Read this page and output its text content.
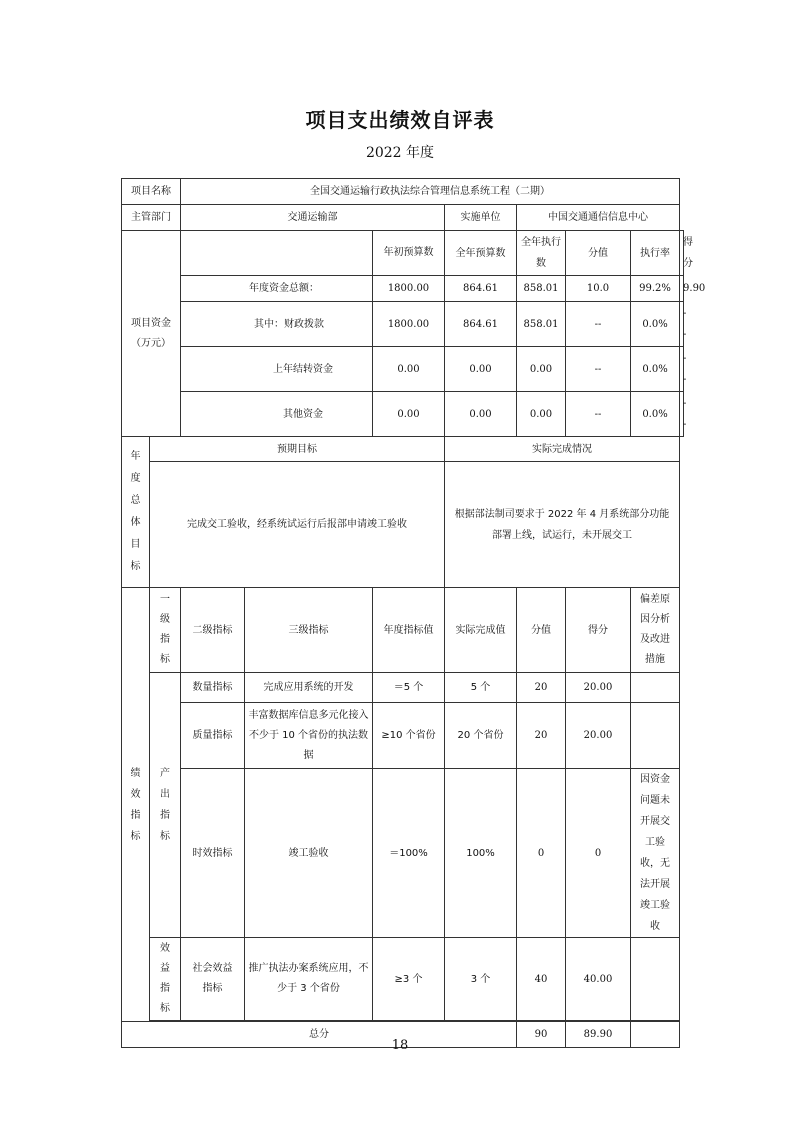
项目支出绩效自评表
2022 年度
项目名称		全国交通运输行政执法综合管理信息系统工程（二期）							
主管部门		交通运输部			实施单位	中国交通通信信息中心			
项目资金（万元）				年初预算数	全年预算数	全年执行数	分值	执行率	得分
		年度资金总额：		1800.00	864.61	858.01	10.0	99.2%	9.90
		其中：财政拨款		1800.00	864.61	858.01	--	0.0%	--
		上年结转资金		0.00	0.00	0.00	--	0.0%	--
		其他资金		0.00	0.00	0.00	--	0.0%	--
年度总体目标	预期目标				实际完成情况				
	完成交工验收，经系统试运行后报部申请竣工验收				根据部法制司要求于 2022 年 4 月系统部分功能部署上线，试运行，未开展交工				
绩效指标	一级指标	二级指标	三级指标	年度指标值	实际完成值	分值	得分	偏差原因分析及改进措施	
	产出指标	数量指标	完成应用系统的开发	＝5 个	5 个	20	20.00		
		质量指标	丰富数据库信息多元化接入不少于 10 个省份的执法数据	≥10 个省份	20 个省份	20	20.00		
		时效指标	竣工验收	＝100%	100%	0	0	因资金问题未开展交工验收，无法开展竣工验收	
	效益指标	社会效益指标	推广执法办案系统应用，不少于 3 个省份	≥3 个	3 个	40	40.00		

总分						90	89.90		
18
